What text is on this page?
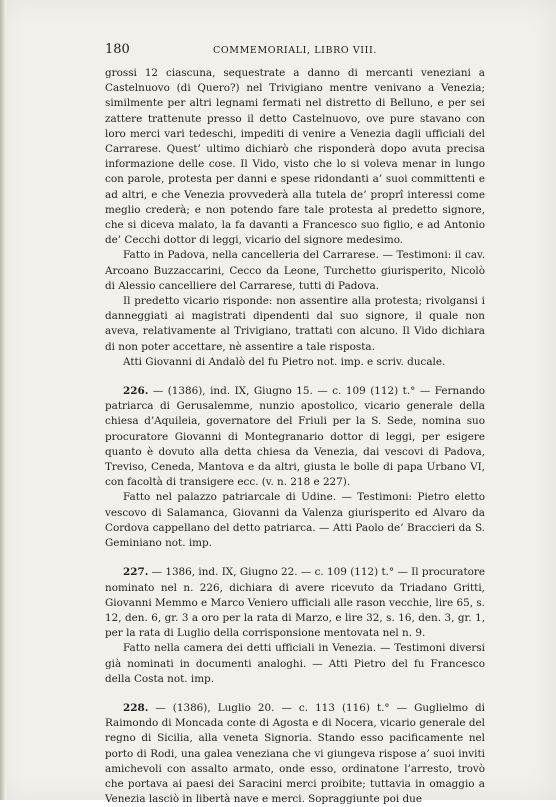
180	COMMEMORIALI, LIBRO VIII.

grossi 12 ciascuna, sequestrate a danno di mercanti veneziani a Castelnuovo (di Quero?) nel Trivigiano mentre venivano a Venezia; similmente per altri legnami fermati nel distretto di Belluno, e per sei zattere trattenute presso il detto Castelnuovo, ove pure stavano con loro merci vari tedeschi, impediti di venire a Venezia dagli ufficiali del Carrarese. Quest’ ultimo dichiarò che risponderà dopo avuta precisa informazione delle cose. Il Vido, visto che lo si voleva menar in lungo con parole, protesta per danni e spese ridondanti a’ suoi committenti e ad altri, e che Venezia provvederà alla tutela de’ proprî interessi come meglio crederà; e non potendo fare tale protesta al predetto signore, che si diceva malato, la fa davanti a Francesco suo figlio, e ad Antonio de’ Cecchi dottor di leggi, vicario del signore medesimo.

Fatto in Padova, nella cancelleria del Carrarese. — Testimoni: il cav. Arcoano Buzzaccarini, Cecco da Leone, Turchetto giurisperito, Nicolò di Alessio cancelliere del Carrarese, tutti di Padova.

Il predetto vicario risponde: non assentire alla protesta; rivolgansi i danneggiati ai magistrati dipendenti dal suo signore, il quale non aveva, relativamente al Trivigiano, trattati con alcuno. Il Vido dichiara di non poter accettare, nè assentire a tale risposta.

Atti Giovanni di Andalò del fu Pietro not. imp. e scriv. ducale.

226. — (1386), ind. IX, Giugno 15. — c. 109 (112) t.° — Fernando patriarca di Gerusalemme, nunzio apostolico, vicario generale della chiesa d’Aquileia, governatore del Friuli per la S. Sede, nomina suo procuratore Giovanni di Montegranario dottor di leggi, per esigere quanto è dovuto alla detta chiesa da Venezia, dai vescovi di Padova, Treviso, Ceneda, Mantova e da altri, giusta le bolle di papa Urbano VI, con facoltà di transigere ecc. (v. n. 218 e 227).

Fatto nel palazzo patriarcale di Udine. — Testimoni: Pietro eletto vescovo di Salamanca, Giovanni da Valenza giurisperito ed Alvaro da Cordova cappellano del detto patriarca. — Atti Paolo de’ Braccieri da S. Geminiano not. imp.

227. — 1386, ind. IX, Giugno 22. — c. 109 (112) t.° — Il procuratore nominato nel n. 226, dichiara di avere ricevuto da Triadano Gritti, Giovanni Memmo e Marco Veniero ufficiali alle rason vecchie, lire 65, s. 12, den. 6, gr. 3 a oro per la rata di Marzo, e lire 32, s. 16, den. 3, gr. 1, per la rata di Luglio della corrisponsione mentovata nel n. 9.

Fatto nella camera dei detti ufficiali in Venezia. — Testimoni diversi già nominati in documenti analoghi. — Atti Pietro del fu Francesco della Costa not. imp.

228. — (1386), Luglio 20. — c. 113 (116) t.° — Guglielmo di Raimondo di Moncada conte di Agosta e di Nocera, vicario generale del regno di Sicilia, alla veneta Signoria. Stando esso pacificamente nel porto di Rodi, una galea veneziana che vi giungeva rispose a’ suoi inviti amichevoli con assalto armato, onde esso, ordinatone l’arresto, trovò che portava ai paesi dei Saracini merci proibite; tuttavia in omaggio a Venezia lasciò in libertà nave e merci. Sopraggiunte poi due
